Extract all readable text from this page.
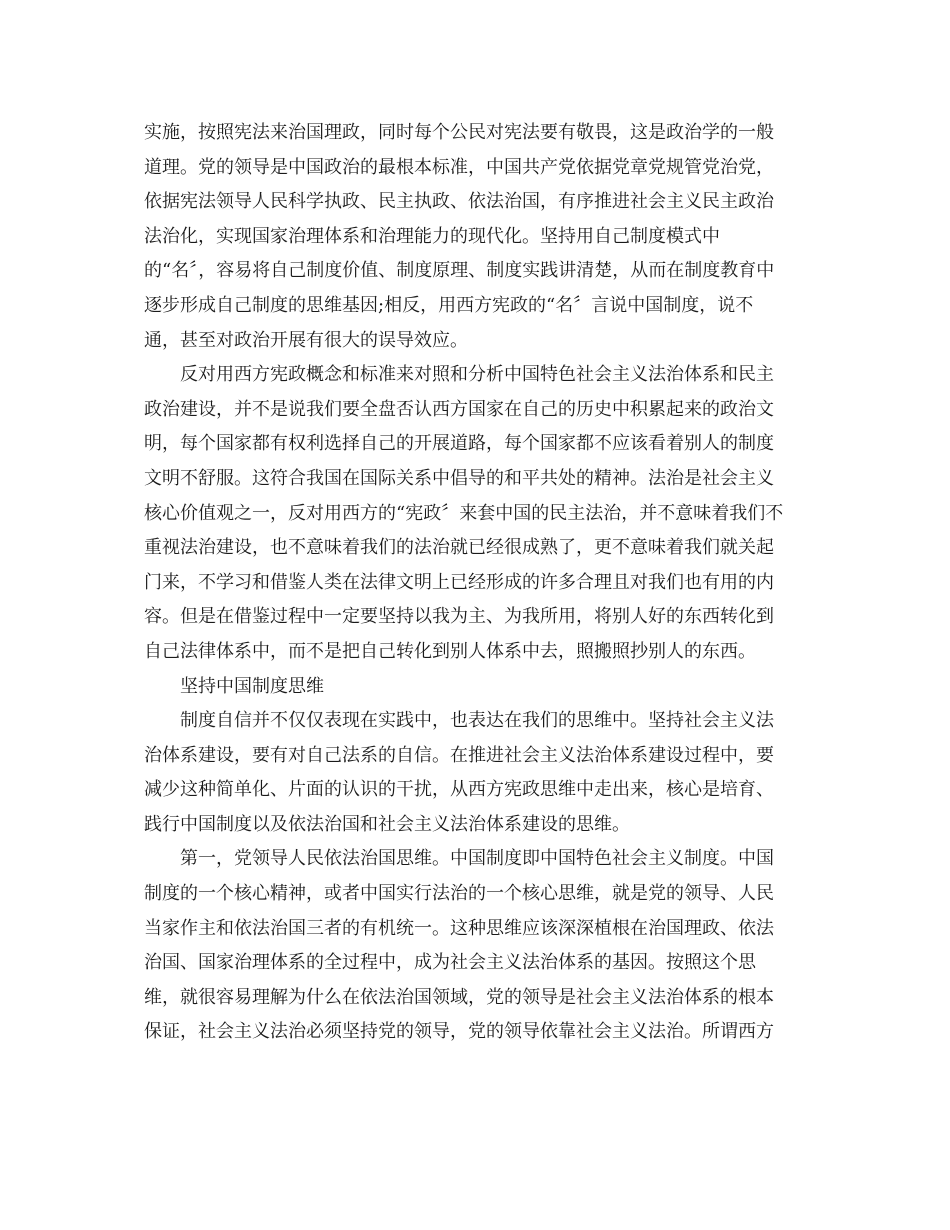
实施，按照宪法来治国理政，同时每个公民对宪法要有敬畏，这是政治学的一般
道理。党的领导是中国政治的最根本标准，中国共产党依据党章党规管党治党，
依据宪法领导人民科学执政、民主执政、依法治国，有序推进社会主义民主政治
法治化，实现国家治理体系和治理能力的现代化。坚持用自己制度模式中
的“名〞，容易将自己制度价值、制度原理、制度实践讲清楚，从而在制度教育中
逐步形成自己制度的思维基因;相反，用西方宪政的“名〞言说中国制度，说不
通，甚至对政治开展有很大的误导效应。
反对用西方宪政概念和标准来对照和分析中国特色社会主义法治体系和民主
政治建设，并不是说我们要全盘否认西方国家在自己的历史中积累起来的政治文
明，每个国家都有权利选择自己的开展道路，每个国家都不应该看着别人的制度
文明不舒服。这符合我国在国际关系中倡导的和平共处的精神。法治是社会主义
核心价值观之一，反对用西方的“宪政〞来套中国的民主法治，并不意味着我们不
重视法治建设，也不意味着我们的法治就已经很成熟了，更不意味着我们就关起
门来，不学习和借鉴人类在法律文明上已经形成的许多合理且对我们也有用的内
容。但是在借鉴过程中一定要坚持以我为主、为我所用，将别人好的东西转化到
自己法律体系中，而不是把自己转化到别人体系中去，照搬照抄别人的东西。
坚持中国制度思维
制度自信并不仅仅表现在实践中，也表达在我们的思维中。坚持社会主义法
治体系建设，要有对自己法系的自信。在推进社会主义法治体系建设过程中，要
减少这种简单化、片面的认识的干扰，从西方宪政思维中走出来，核心是培育、
践行中国制度以及依法治国和社会主义法治体系建设的思维。
第一，党领导人民依法治国思维。中国制度即中国特色社会主义制度。中国
制度的一个核心精神，或者中国实行法治的一个核心思维，就是党的领导、人民
当家作主和依法治国三者的有机统一。这种思维应该深深植根在治国理政、依法
治国、国家治理体系的全过程中，成为社会主义法治体系的基因。按照这个思
维，就很容易理解为什么在依法治国领域，党的领导是社会主义法治体系的根本
保证，社会主义法治必须坚持党的领导，党的领导依靠社会主义法治。所谓西方
